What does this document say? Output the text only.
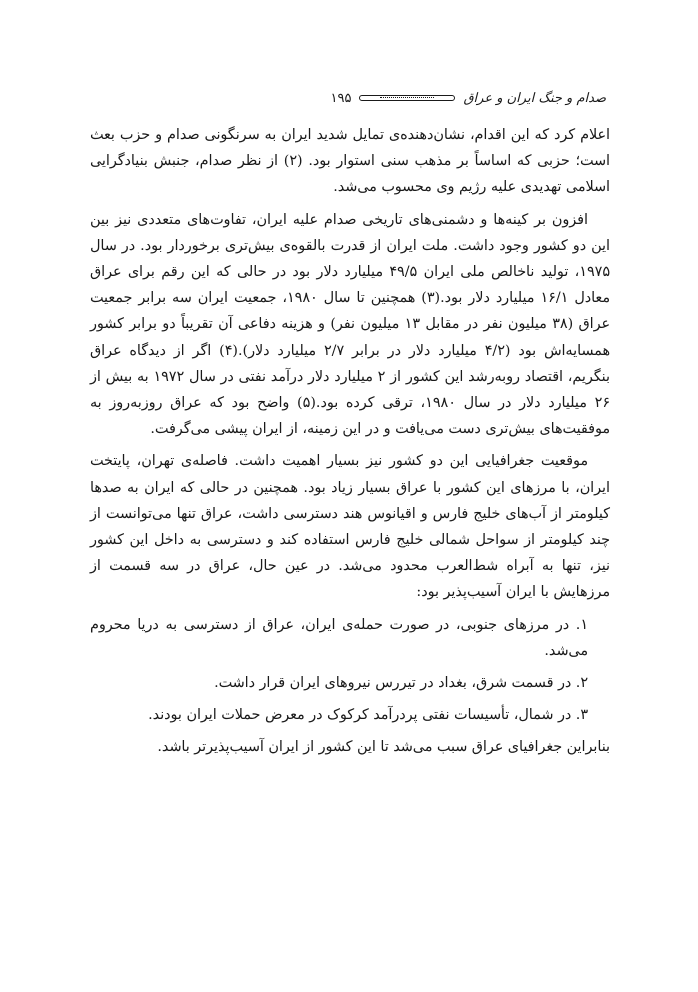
صدام و جنگ ایران و عراق
۱۹۵

اعلام کرد که این اقدام، نشان‌دهنده‌ی تمایل شدید ایران به سرنگونی صدام و حزب بعث است؛ حزبی که اساساً بر مذهب سنی استوار بود. (۲) از نظر صدام، جنبش بنیادگرایی اسلامی تهدیدی علیه رژیم وی محسوب می‌شد.

افزون بر کینه‌ها و دشمنی‌های تاریخی صدام علیه ایران، تفاوت‌های متعددی نیز بین این دو کشور وجود داشت. ملت ایران از قدرت بالقوه‌ی بیش‌تری برخوردار بود. در سال ۱۹۷۵، تولید ناخالص ملی ایران ۴۹/۵ میلیارد دلار بود در حالی که این رقم برای عراق معادل ۱۶/۱ میلیارد دلار بود.(۳) همچنین تا سال ۱۹۸۰، جمعیت ایران سه برابر جمعیت عراق (۳۸ میلیون نفر در مقابل ۱۳ میلیون نفر) و هزینه دفاعی آن تقریباً دو برابر کشور همسایه‌اش بود (۴/۲ میلیارد دلار در برابر ۲/۷ میلیارد دلار).(۴) اگر از دیدگاه عراق بنگریم، اقتصاد روبه‌رشد این کشور از ۲ میلیارد دلار درآمد نفتی در سال ۱۹۷۲ به بیش از ۲۶ میلیارد دلار در سال ۱۹۸۰، ترقی کرده بود.(۵) واضح بود که عراق روزبه‌روز به موفقیت‌های بیش‌تری دست می‌یافت و در این زمینه، از ایران پیشی می‌گرفت.

موقعیت جغرافیایی این دو کشور نیز بسیار اهمیت داشت. فاصله‌ی تهران، پایتخت ایران، با مرزهای این کشور با عراق بسیار زیاد بود. همچنین در حالی که ایران به صدها کیلومتر از آب‌های خلیج فارس و اقیانوس هند دسترسی داشت، عراق تنها می‌توانست از چند کیلومتر از سواحل شمالی خلیج فارس استفاده کند و دسترسی به داخل این کشور نیز، تنها به آبراه شط‌العرب محدود می‌شد. در عین حال، عراق در سه قسمت از مرزهایش با ایران آسیب‌پذیر بود:

۱. در مرزهای جنوبی، در صورت حمله‌ی ایران، عراق از دسترسی به دریا محروم می‌شد.

۲. در قسمت شرق، بغداد در تیررس نیروهای ایران قرار داشت.

۳. در شمال، تأسیسات نفتی پردرآمد کرکوک در معرض حملات ایران بودند.

بنابراین جغرافیای عراق سبب می‌شد تا این کشور از ایران آسیب‌پذیرتر باشد.
